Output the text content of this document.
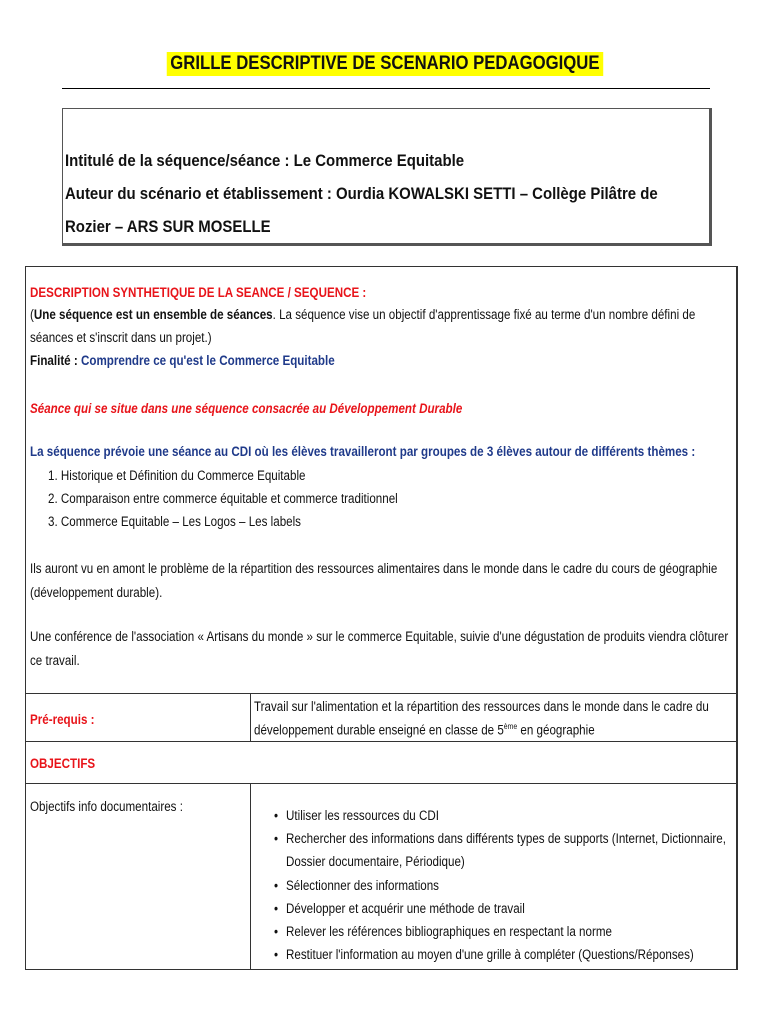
GRILLE DESCRIPTIVE DE SCENARIO PEDAGOGIQUE
Intitulé de la séquence/séance : Le Commerce Equitable
Auteur du scénario et établissement : Ourdia KOWALSKI SETTI – Collège Pilâtre de
Rozier – ARS SUR MOSELLE
DESCRIPTION SYNTHETIQUE DE LA SEANCE / SEQUENCE :
(Une séquence est un ensemble de séances. La séquence vise un objectif d'apprentissage fixé au terme d'un nombre défini de
séances et s'inscrit dans un projet.)
Finalité : Comprendre ce qu'est le Commerce Equitable
Séance qui se situe dans une séquence consacrée au Développement Durable
La séquence prévoie une séance au CDI où les élèves travailleront par groupes de 3 élèves autour de différents thèmes :
1. Historique et Définition du Commerce Equitable
2. Comparaison entre commerce équitable et commerce traditionnel
3. Commerce Equitable – Les Logos – Les labels
Ils auront vu en amont le problème de la répartition des ressources alimentaires dans le monde dans le cadre du cours de géographie
(développement durable).
Une conférence de l'association « Artisans du monde » sur le commerce Equitable, suivie d'une dégustation de produits viendra clôturer
ce travail.
Pré-requis :
Travail sur l'alimentation et la répartition des ressources dans le monde dans le cadre du
développement durable enseigné en classe de 5ème en géographie
OBJECTIFS
Objectifs info documentaires :
• Utiliser les ressources du CDI
• Rechercher des informations dans différents types de supports (Internet, Dictionnaire,
Dossier documentaire, Périodique)
• Sélectionner des informations
• Développer et acquérir une méthode de travail
• Relever les références bibliographiques en respectant la norme
• Restituer l'information au moyen d'une grille à compléter (Questions/Réponses)
